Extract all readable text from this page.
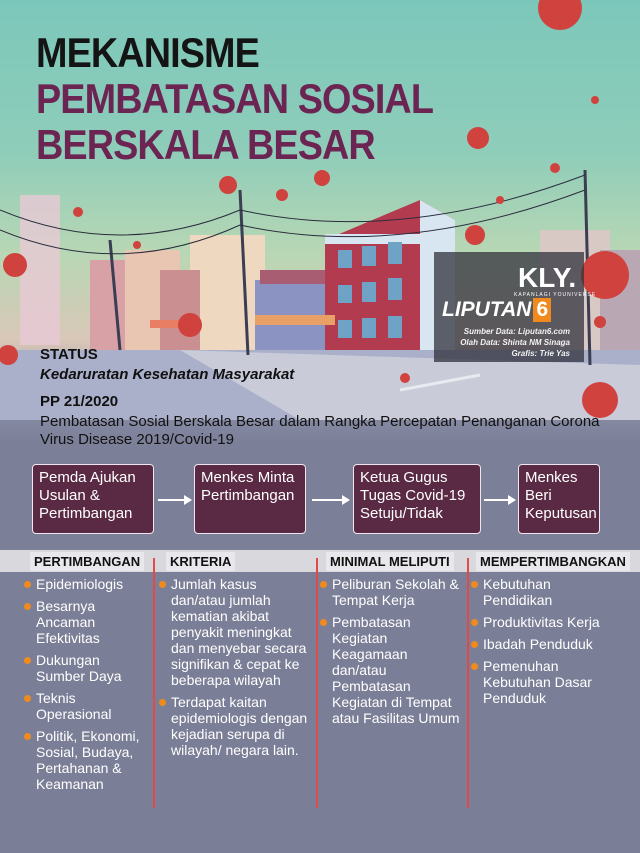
MEKANISME
PEMBATASAN SOSIAL
BERSKALA BESAR
KLY.
KAPANLAGI YOUNIVERSE
LIPUTAN 6
Sumber Data: Liputan6.com
Olah Data: Shinta NM Sinaga
Grafis: Trie Yas
STATUS
Kedaruratan Kesehatan Masyarakat
PP 21/2020
Pembatasan Sosial Berskala Besar dalam Rangka Percepatan Penanganan Corona Virus Disease 2019/Covid-19
Pemda Ajukan Usulan & Pertimbangan
Menkes Minta Pertimbangan
Ketua Gugus Tugas Covid-19 Setuju/Tidak
Menkes Beri Keputusan
PERTIMBANGAN	KRITERIA	MINIMAL MELIPUTI	MEMPERTIMBANGKAN
Epidemiologis
Besarnya Ancaman Efektivitas
Dukungan Sumber Daya
Teknis Operasional
Politik, Ekonomi, Sosial, Budaya, Pertahanan & Keamanan
Jumlah kasus dan/atau jumlah kematian akibat penyakit meningkat dan menyebar secara signifikan & cepat ke beberapa wilayah
Terdapat kaitan epidemiologis dengan kejadian serupa di wilayah/ negara lain.
Peliburan Sekolah & Tempat Kerja
Pembatasan Kegiatan Keagamaan dan/atau Pembatasan Kegiatan di Tempat atau Fasilitas Umum
Kebutuhan Pendidikan
Produktivitas Kerja
Ibadah Penduduk
Pemenuhan Kebutuhan Dasar Penduduk
